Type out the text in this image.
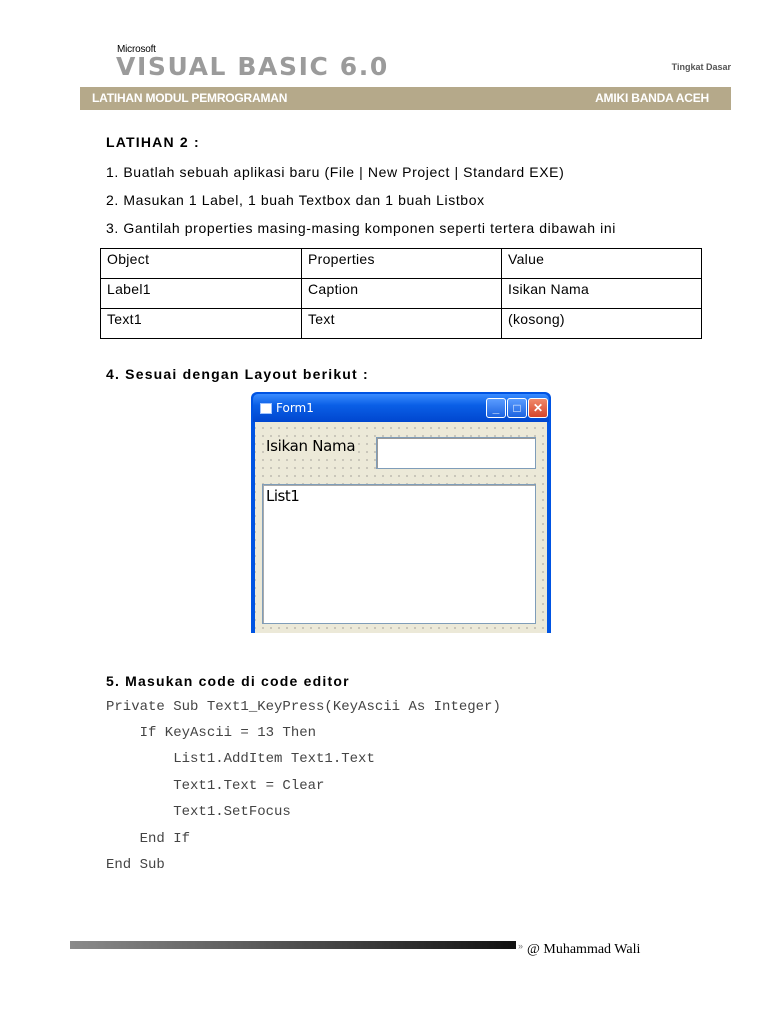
Microsoft
VISUAL BASIC 6.0	Tingkat Dasar
LATIHAN MODUL PEMROGRAMAN	AMIKI BANDA ACEH
LATIHAN 2 :
1. Buatlah sebuah aplikasi baru (File | New Project | Standard EXE)
2. Masukan 1 Label, 1 buah Textbox dan 1 buah Listbox
3. Gantilah properties masing-masing komponen seperti tertera dibawah ini
Object	Properties	Value
Label1	Caption	Isikan Nama
Text1	Text	(kosong)
4. Sesuai dengan Layout berikut :
Form1	_	□	✕
Isikan Nama
List1
5. Masukan code di code editor
Private Sub Text1_KeyPress(KeyAscii As Integer)
If KeyAscii = 13 Then
List1.AddItem Text1.Text
Text1.Text = Clear
Text1.SetFocus
End If
End Sub
» @ Muhammad Wali
